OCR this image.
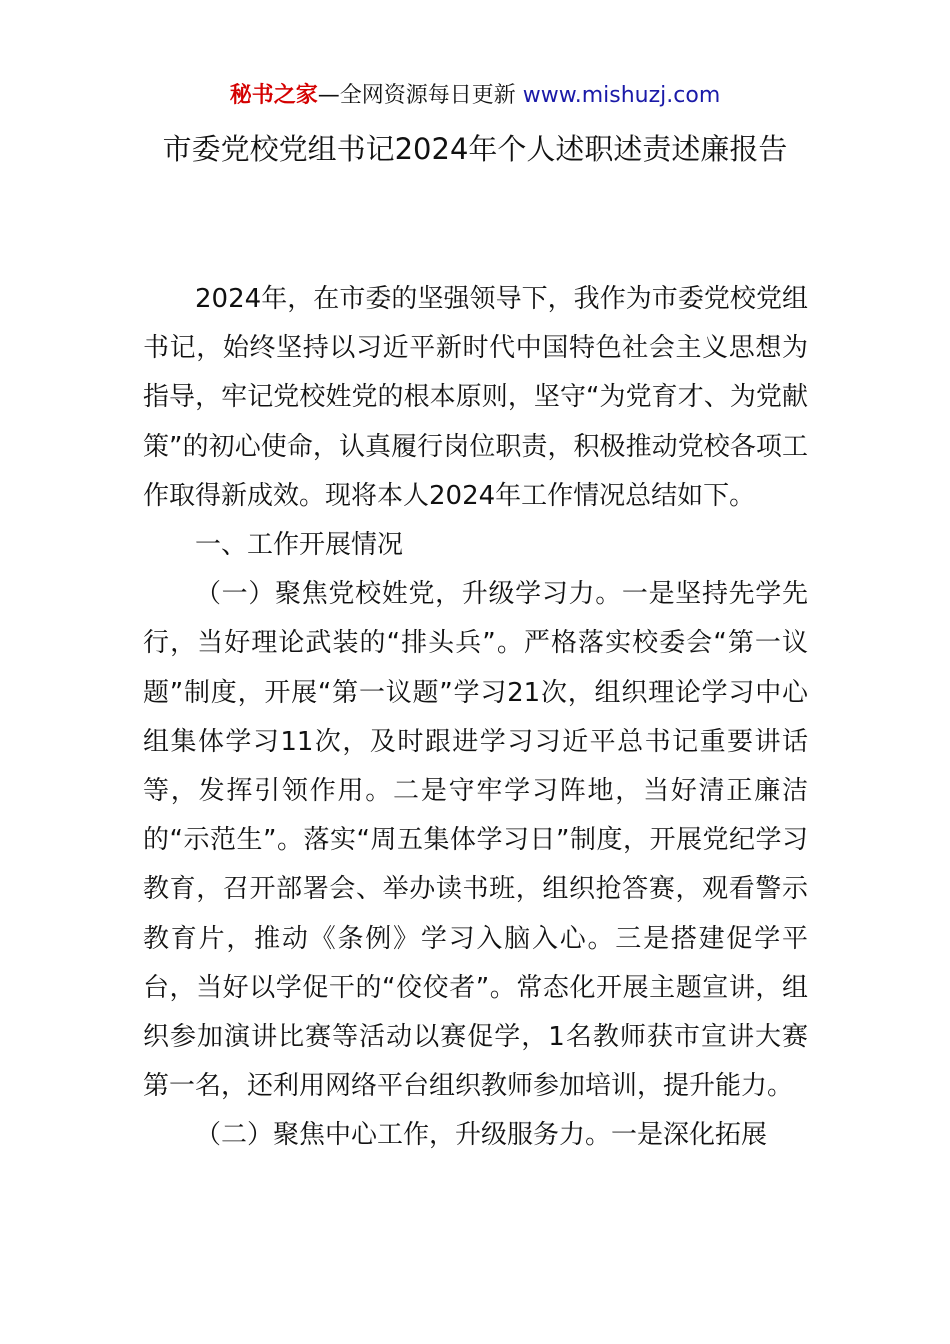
秘书之家—全网资源每日更新 www.mishuzj.com
市委党校党组书记2024年个人述职述责述廉报告

2024年，在市委的坚强领导下，我作为市委党校党组书记，始终坚持以习近平新时代中国特色社会主义思想为指导，牢记党校姓党的根本原则，坚守“为党育才、为党献策”的初心使命，认真履行岗位职责，积极推动党校各项工作取得新成效。现将本人2024年工作情况总结如下。

一、工作开展情况

（一）聚焦党校姓党，升级学习力。一是坚持先学先行，当好理论武装的“排头兵”。严格落实校委会“第一议题”制度，开展“第一议题”学习21次，组织理论学习中心组集体学习11次，及时跟进学习习近平总书记重要讲话等，发挥引领作用。二是守牢学习阵地，当好清正廉洁的“示范生”。落实“周五集体学习日”制度，开展党纪学习教育，召开部署会、举办读书班，组织抢答赛，观看警示教育片，推动《条例》学习入脑入心。三是搭建促学平台，当好以学促干的“佼佼者”。常态化开展主题宣讲，组织参加演讲比赛等活动以赛促学，1名教师获市宣讲大赛第一名，还利用网络平台组织教师参加培训，提升能力。

（二）聚焦中心工作，升级服务力。一是深化拓展
